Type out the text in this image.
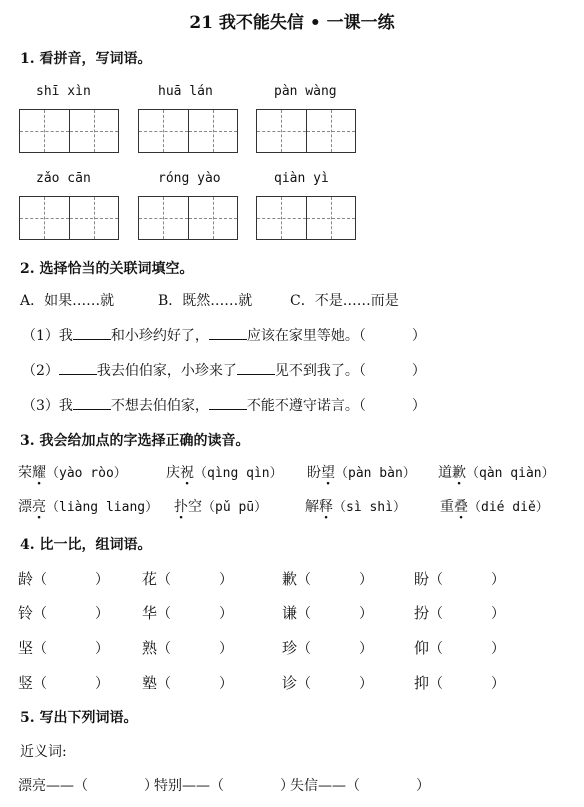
21 我不能失信 • 一课一练
1. 看拼音，写词语。
shī xìn	huā lán	pàn wàng
zǎo cān	róng yào	qiàn yì
2. 选择恰当的关联词填空。
A．如果……就	B．既然……就	C．不是……而是
（1）我	和小珍约好了，	应该在家里等她。（	）
（2）	我去伯伯家，小珍来了	见不到我了。（	）
（3）我	不想去伯伯家，	不能不遵守诺言。（	）
3. 我会给加点的字选择正确的读音。
荣耀（yào ròo）	庆祝（qìng qìn） 盼望（pàn bàn） 道歉（qàn qiàn）
漂亮（liàng liang） 扑空（pǔ pū）	解释（sì shì） 重叠（dié diě）
4. 比一比，组词语。
龄（	） 花（	）	歉（	）	盼（	）
铃（	） 华（	）	谦（	）	扮（	）
坚（	） 熟（	）	珍（	）	仰（	）
竖（	） 塾（	）	诊（	）	抑（	）
5. 写出下列词语。
近义词:
漂亮——（	）
特别——（	）
失信——（	）
